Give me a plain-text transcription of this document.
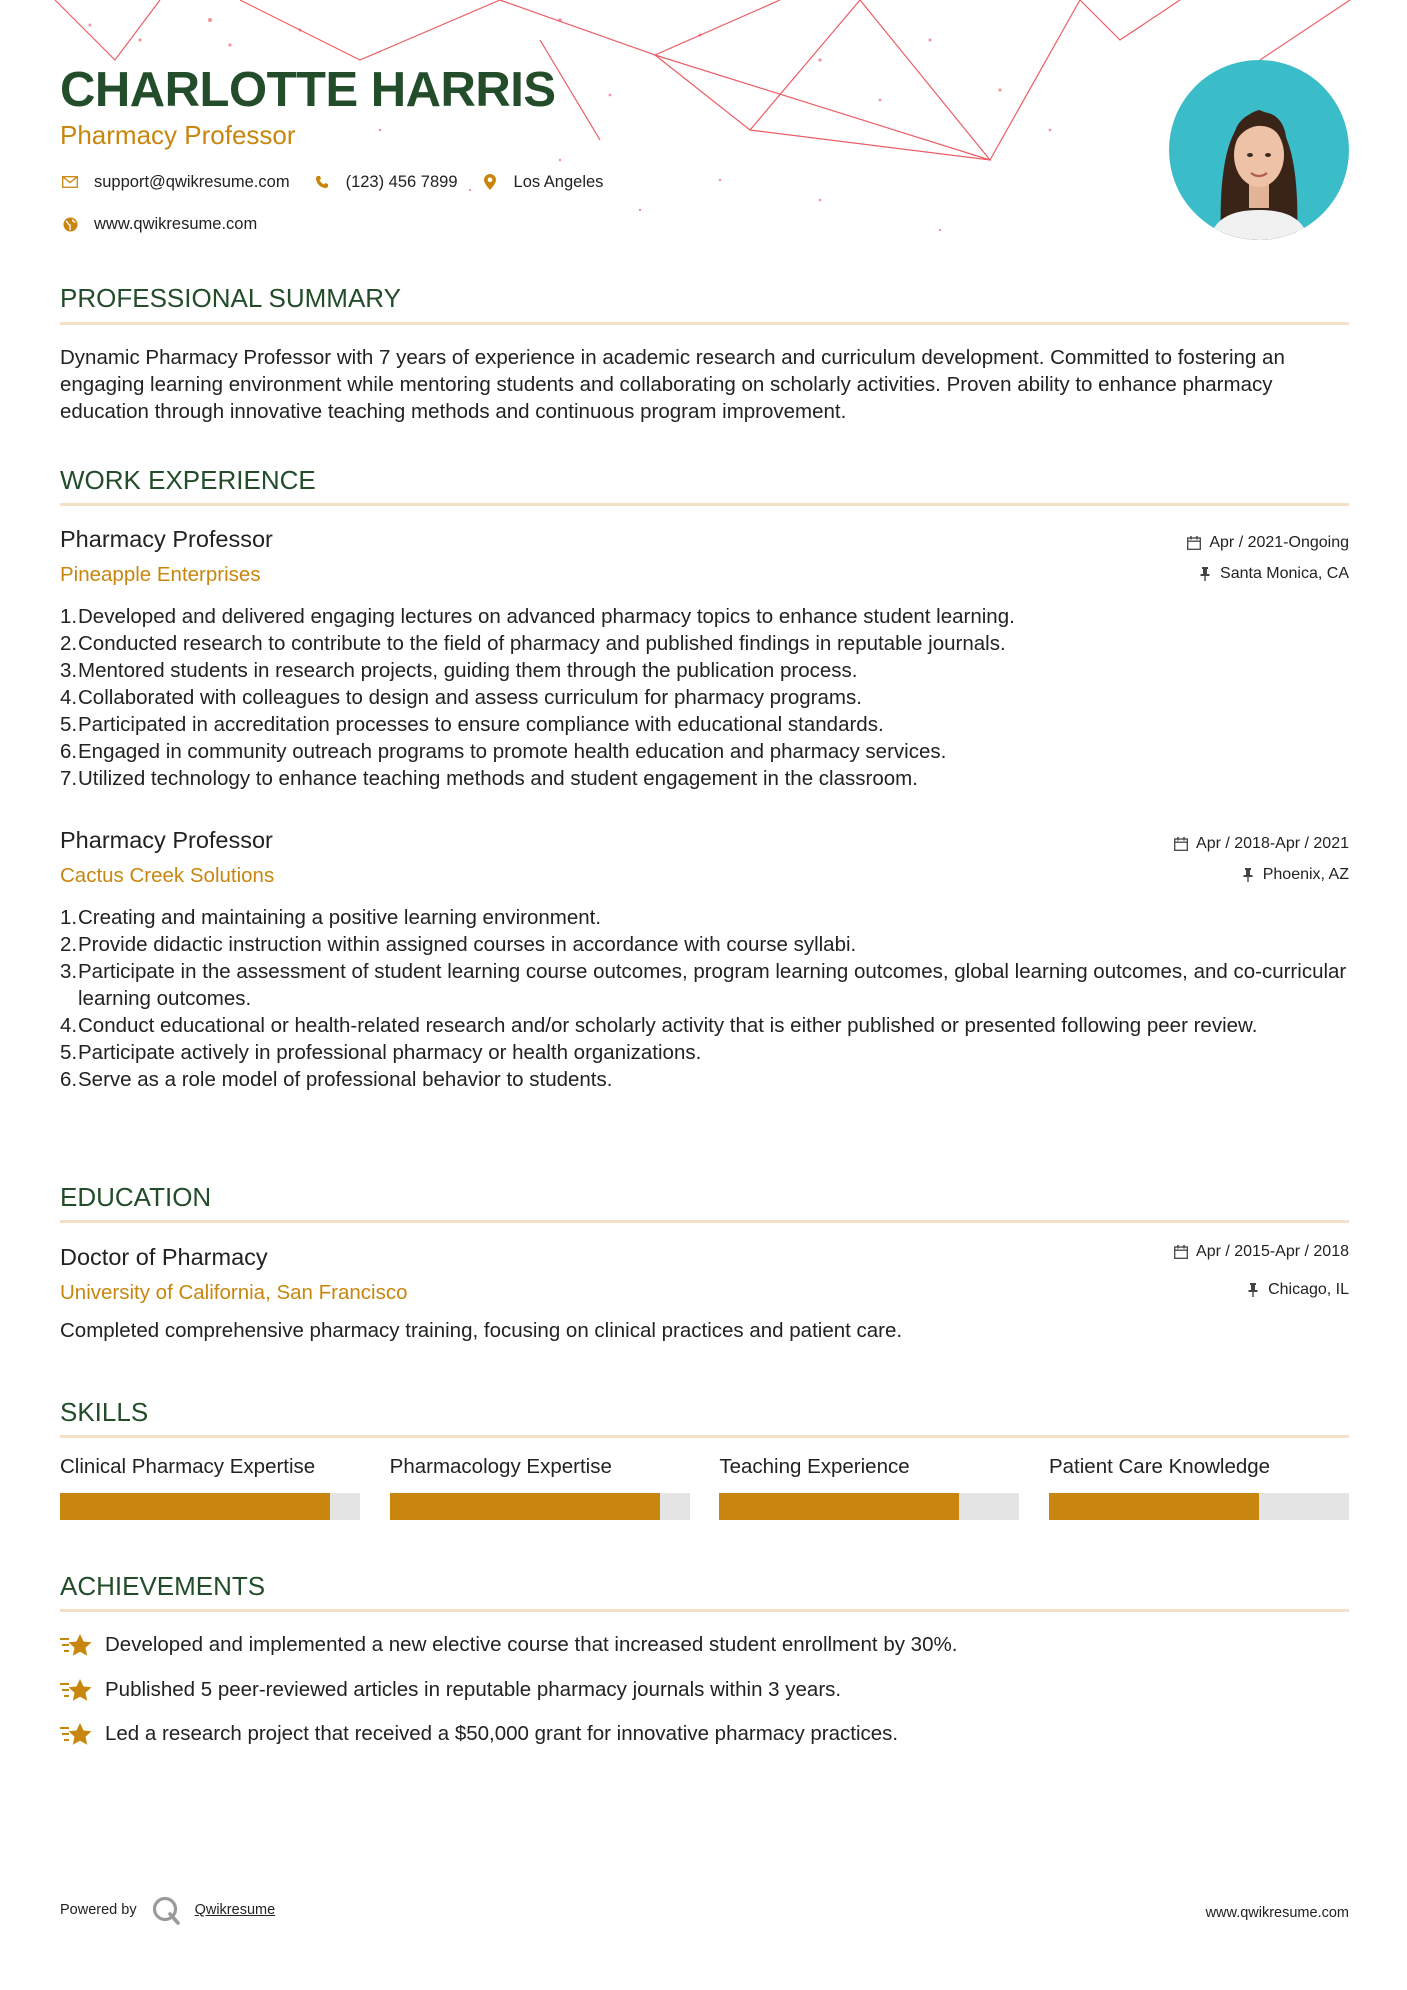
CHARLOTTE HARRIS
Pharmacy Professor
support@qwikresume.com	(123) 456 7899	Los Angeles
www.qwikresume.com
PROFESSIONAL SUMMARY
Dynamic Pharmacy Professor with 7 years of experience in academic research and curriculum development. Committed to fostering an engaging learning environment while mentoring students and collaborating on scholarly activities. Proven ability to enhance pharmacy education through innovative teaching methods and continuous program improvement.
WORK EXPERIENCE
Pharmacy Professor
Pineapple Enterprises
Apr / 2021-Ongoing
Santa Monica, CA
1. Developed and delivered engaging lectures on advanced pharmacy topics to enhance student learning.
2. Conducted research to contribute to the field of pharmacy and published findings in reputable journals.
3. Mentored students in research projects, guiding them through the publication process.
4. Collaborated with colleagues to design and assess curriculum for pharmacy programs.
5. Participated in accreditation processes to ensure compliance with educational standards.
6. Engaged in community outreach programs to promote health education and pharmacy services.
7. Utilized technology to enhance teaching methods and student engagement in the classroom.
Pharmacy Professor
Cactus Creek Solutions
Apr / 2018-Apr / 2021
Phoenix, AZ
1. Creating and maintaining a positive learning environment.
2. Provide didactic instruction within assigned courses in accordance with course syllabi.
3. Participate in the assessment of student learning course outcomes, program learning outcomes, global learning outcomes, and co-curricular learning outcomes.
4. Conduct educational or health-related research and/or scholarly activity that is either published or presented following peer review.
5. Participate actively in professional pharmacy or health organizations.
6. Serve as a role model of professional behavior to students.
EDUCATION
Doctor of Pharmacy
University of California, San Francisco
Apr / 2015-Apr / 2018
Chicago, IL
Completed comprehensive pharmacy training, focusing on clinical practices and patient care.
SKILLS
Clinical Pharmacy Expertise	Pharmacology Expertise	Teaching Experience	Patient Care Knowledge
ACHIEVEMENTS
Developed and implemented a new elective course that increased student enrollment by 30%.
Published 5 peer-reviewed articles in reputable pharmacy journals within 3 years.
Led a research project that received a $50,000 grant for innovative pharmacy practices.
Powered by	Qwikresume	www.qwikresume.com
